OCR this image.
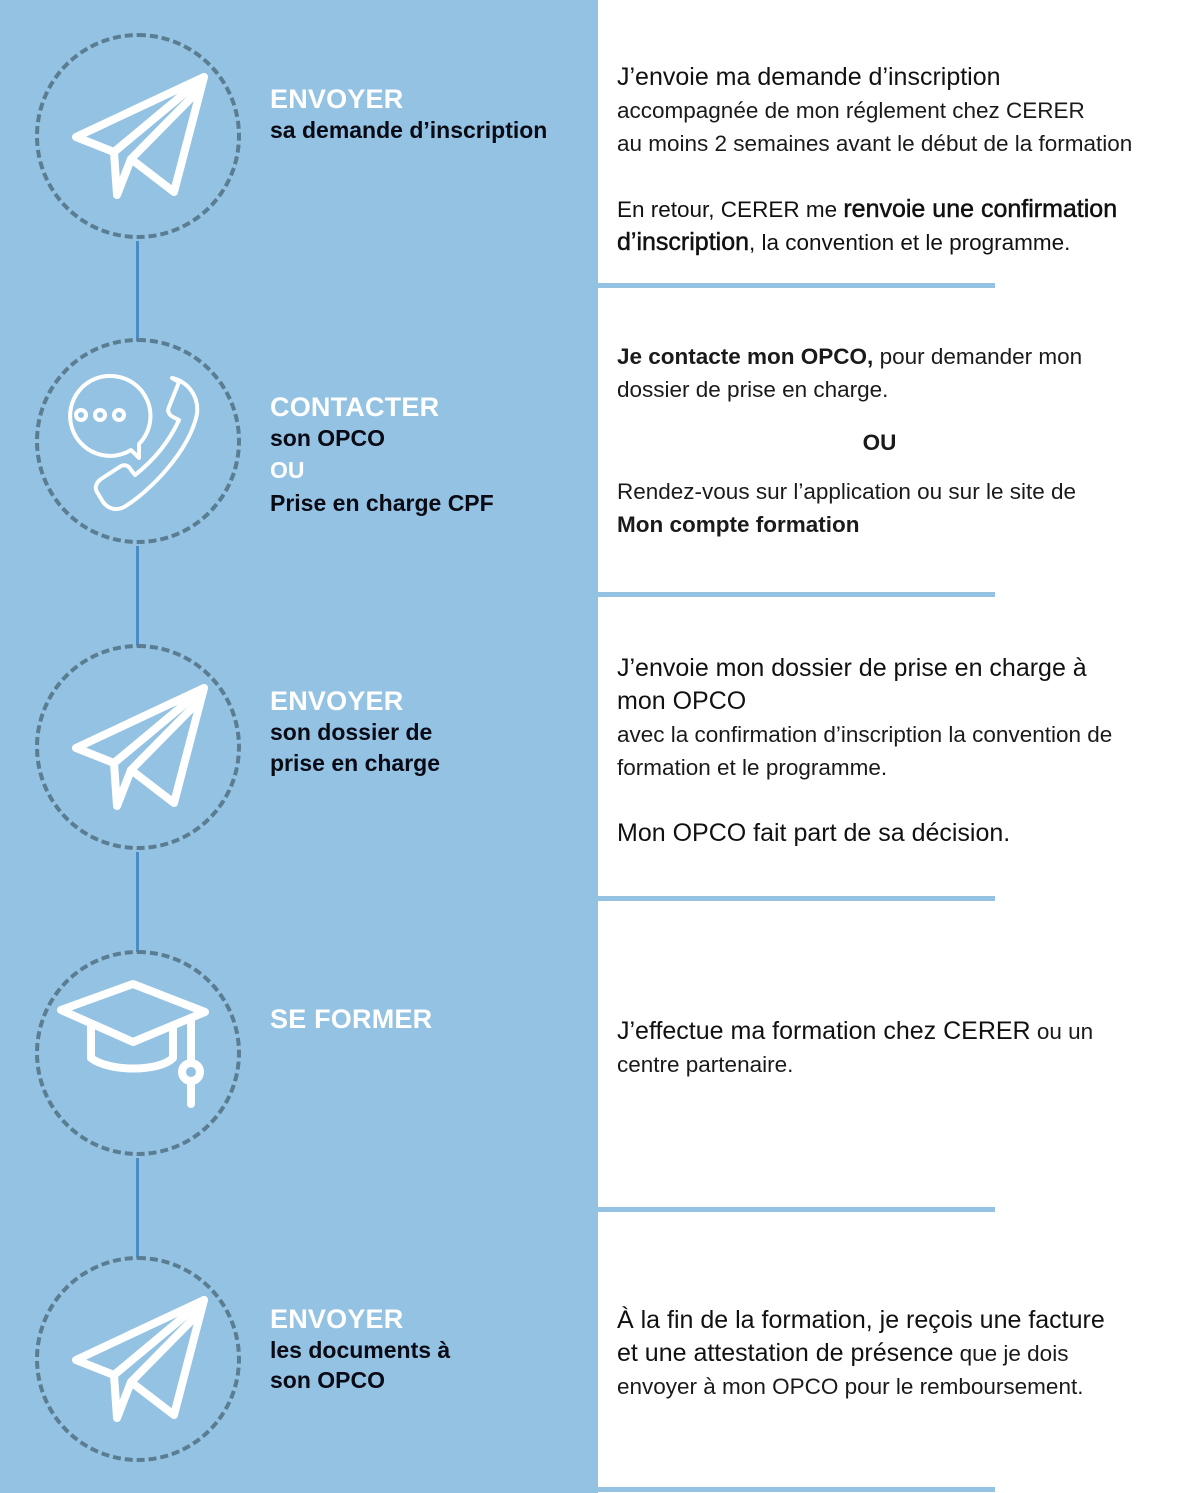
ENVOYER
sa demande d’inscription

J’envoie ma demande d’inscription

accompagnée de mon réglement chez CERER

au moins 2 semaines avant le début de la formation

En retour, CERER me renvoie une confirmation

d’inscription, la convention et le programme.

CONTACTER
son OPCO
OU
Prise en charge CPF

Je contacte mon OPCO, pour demander mon

dossier de prise en charge.

OU

Rendez-vous sur l’application ou sur le site de

Mon compte formation

ENVOYER
son dossier de
prise en charge

J’envoie mon dossier de prise en charge à

mon OPCO

avec la confirmation d’inscription la convention de

formation et le programme.

Mon OPCO fait part de sa décision.

SE FORMER	J’effectue ma formation chez CERER ou un

centre partenaire.

ENVOYER
les documents à
son OPCO

À la fin de la formation, je reçois une facture

et une attestation de présence que je dois

envoyer à mon OPCO pour le remboursement.
